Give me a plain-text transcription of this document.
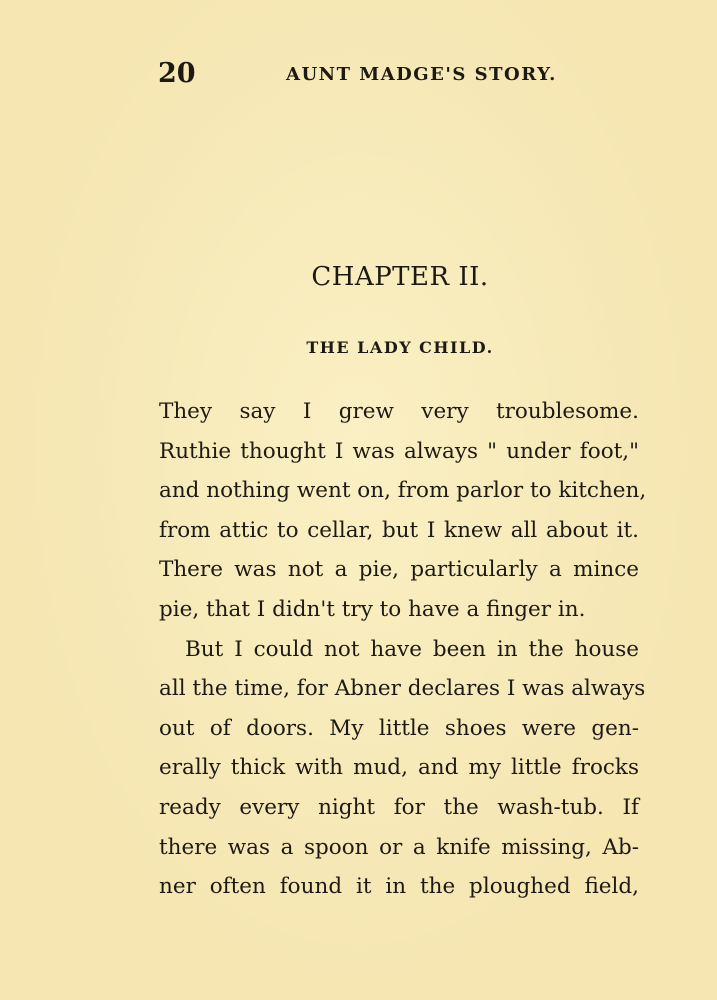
20	AUNT MADGE'S STORY.
CHAPTER II.
THE LADY CHILD.
They say I grew very troublesome.
Ruthie thought I was always " under foot,"
and nothing went on, from parlor to kitchen,
from attic to cellar, but I knew all about it.
There was not a pie, particularly a mince
pie, that I didn't try to have a finger in.
But I could not have been in the house
all the time, for Abner declares I was always
out of doors. My little shoes were gen-
erally thick with mud, and my little frocks
ready every night for the wash-tub. If
there was a spoon or a knife missing, Ab-
ner often found it in the ploughed field,
